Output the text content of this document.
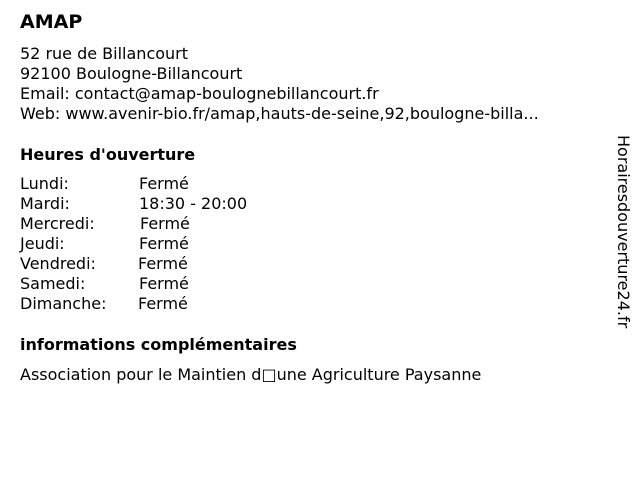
AMAP
52 rue de Billancourt
92100 Boulogne-Billancourt
Email: contact@amap-boulognebillancourt.fr
Web: www.avenir-bio.fr/amap,hauts-de-seine,92,boulogne-billa...
Heures d'ouverture
Lundi:	Fermé
Mardi:	18:30 - 20:00
Mercredi:	Fermé
Jeudi:	Fermé
Vendredi:	Fermé
Samedi:	Fermé
Dimanche: Fermé
informations complémentaires
Association pour le Maintien d□une Agriculture Paysanne
Horairesdouverture24.fr
